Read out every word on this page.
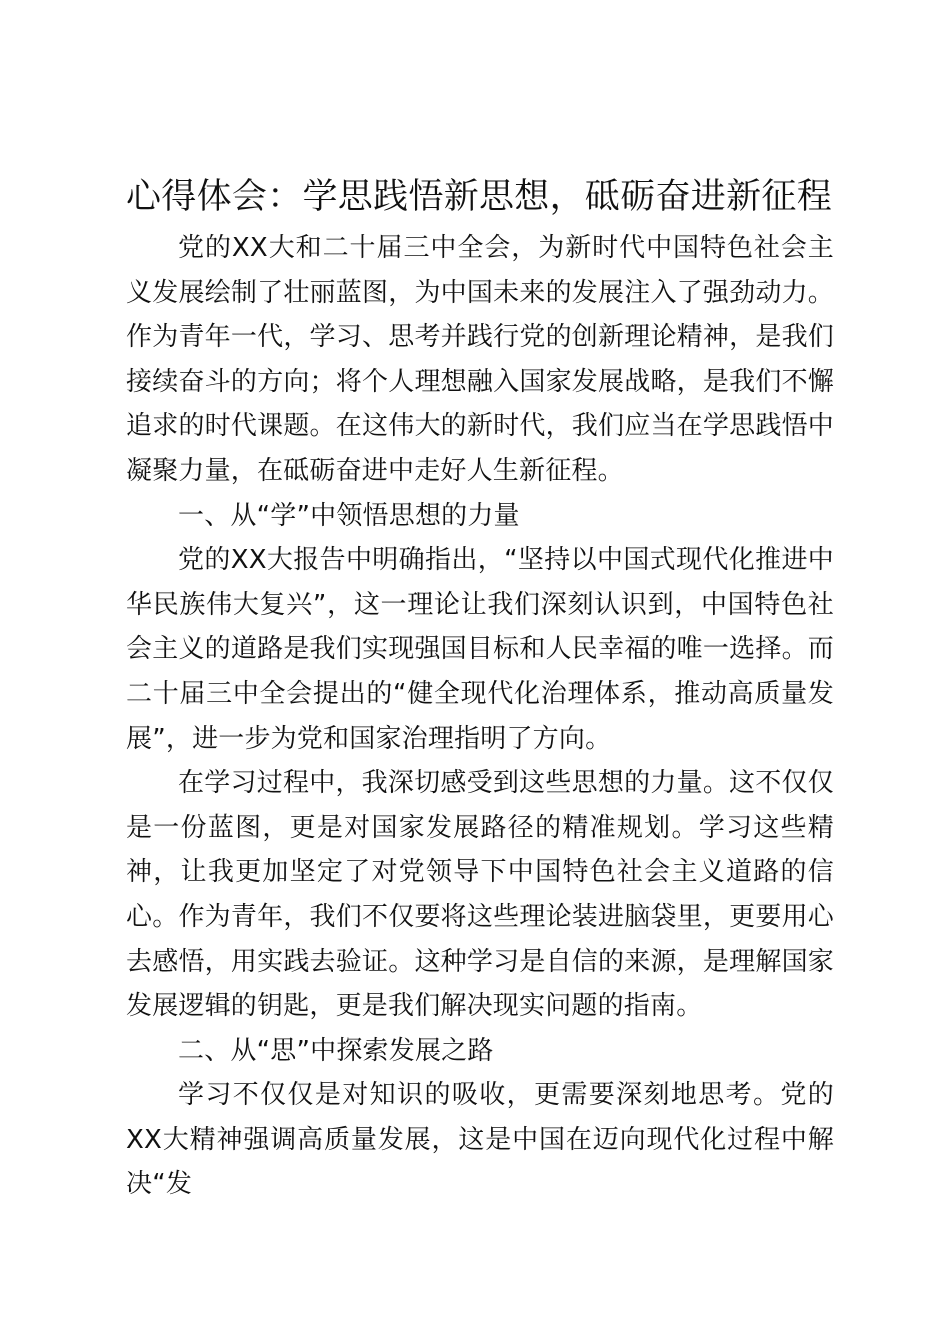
心得体会：学思践悟新思想，砥砺奋进新征程

党的XX大和二十届三中全会，为新时代中国特色社会主义发展绘制了壮丽蓝图，为中国未来的发展注入了强劲动力。作为青年一代，学习、思考并践行党的创新理论精神，是我们接续奋斗的方向；将个人理想融入国家发展战略，是我们不懈追求的时代课题。在这伟大的新时代，我们应当在学思践悟中凝聚力量，在砥砺奋进中走好人生新征程。

一、从“学”中领悟思想的力量

党的XX大报告中明确指出，“坚持以中国式现代化推进中华民族伟大复兴”，这一理论让我们深刻认识到，中国特色社会主义的道路是我们实现强国目标和人民幸福的唯一选择。而二十届三中全会提出的“健全现代化治理体系，推动高质量发展”，进一步为党和国家治理指明了方向。

在学习过程中，我深切感受到这些思想的力量。这不仅仅是一份蓝图，更是对国家发展路径的精准规划。学习这些精神，让我更加坚定了对党领导下中国特色社会主义道路的信心。作为青年，我们不仅要将这些理论装进脑袋里，更要用心去感悟，用实践去验证。这种学习是自信的来源，是理解国家发展逻辑的钥匙，更是我们解决现实问题的指南。

二、从“思”中探索发展之路

学习不仅仅是对知识的吸收，更需要深刻地思考。党的XX大精神强调高质量发展，这是中国在迈向现代化过程中解决“发
